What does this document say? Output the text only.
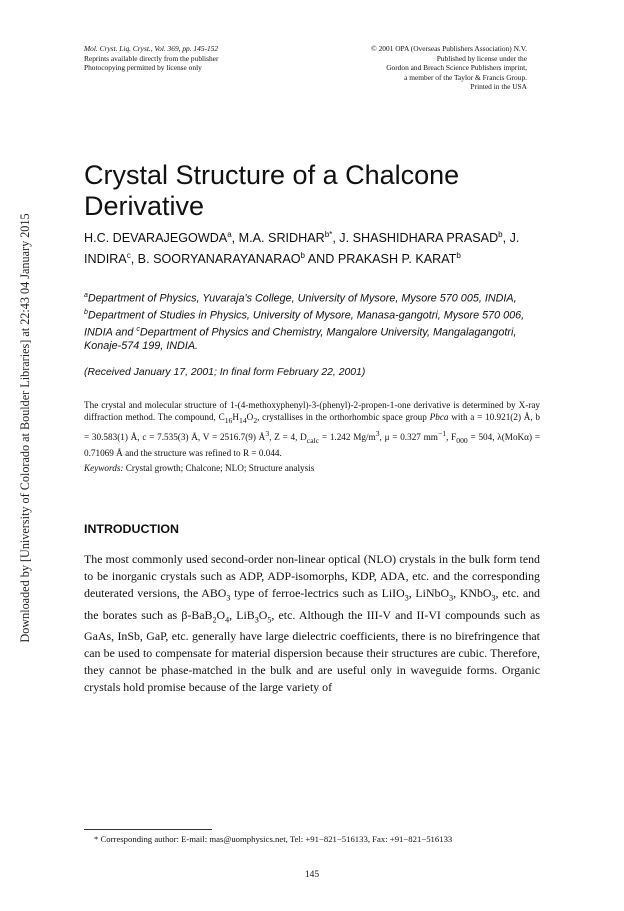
Downloaded by [University of Colorado at Boulder Libraries] at 22:43 04 January 2015
Mol. Cryst. Liq. Cryst., Vol. 369, pp. 145-152
Reprints available directly from the publisher
Photocopying permitted by license only
© 2001 OPA (Overseas Publishers Association) N.V.
Published by license under the
Gordon and Breach Science Publishers imprint,
a member of the Taylor & Francis Group.
Printed in the USA
Crystal Structure of a Chalcone Derivative
H.C. DEVARAJEGOWDA$^a$, M.A. $SRIDHAR^{b*}$, J. SHASHIDHARA PRASAD$^b$, J. INDIRA$^c$, B. SOORYANARAYANARAO$^b$ AND PRAKASH P. KARAT$^b$
$^a$Department of Physics, Yuvaraja's College, University of Mysore, Mysore 570 005, INDIA, $^b$Department of Studies in Physics, University of Mysore, Manasa-gangotri, Mysore 570 006, INDIA and $^c$Department of Physics and Chemistry, Mangalore University, Mangalagangotri, Konaje-574 199, INDIA.
(Received January 17, 2001; In final form February 22, 2001)
The crystal and molecular structure of 1-(4-methoxyphenyl)-3-(phenyl)-2-propen-1-one derivative is determined by X-ray diffraction method. The compound, $C_{16}H_{14}O_2$, crystallises in the orthorhombic space group Pbca with a = 10.921(2) Å, b = 30.583(1) Å, c = 7.535(3) Å, V = 2516.7(9) $Å^3$, Z = 4, $D_{calc} = 1.242$ $Mg/m^3$, μ = 0.327 $mm^{-1}$, $F_{000} = 504$, λ(MoKα) = 0.71069 Å and the structure was refined to R = 0.044.
Keywords: Crystal growth; Chalcone; NLO; Structure analysis
INTRODUCTION
The most commonly used second-order non-linear optical (NLO) crystals in the bulk form tend to be inorganic crystals such as ADP, ADP-isomorphs, KDP, ADA, etc. and the corresponding deuterated versions, the $ABO_3$ type of ferroe-lectrics such as LiIO$_3$, LiNbO$_3$, KNbO$_3$, etc. and the borates such as $\beta-BaB_2O_4$, $LiB_3O_5$, etc. Although the III-V and II-VI compounds such as GaAs, InSb, GaP, etc. generally have large dielectric coefficients, there is no birefringence that can be used to compensate for material dispersion because their structures are cubic. Therefore, they cannot be phase-matched in the bulk and are useful only in waveguide forms. Organic crystals hold promise because of the large variety of
* Corresponding author: E-mail: mas@uomphysics.net, Tel: +91−821−516133, Fax: +91−821−516133
145
